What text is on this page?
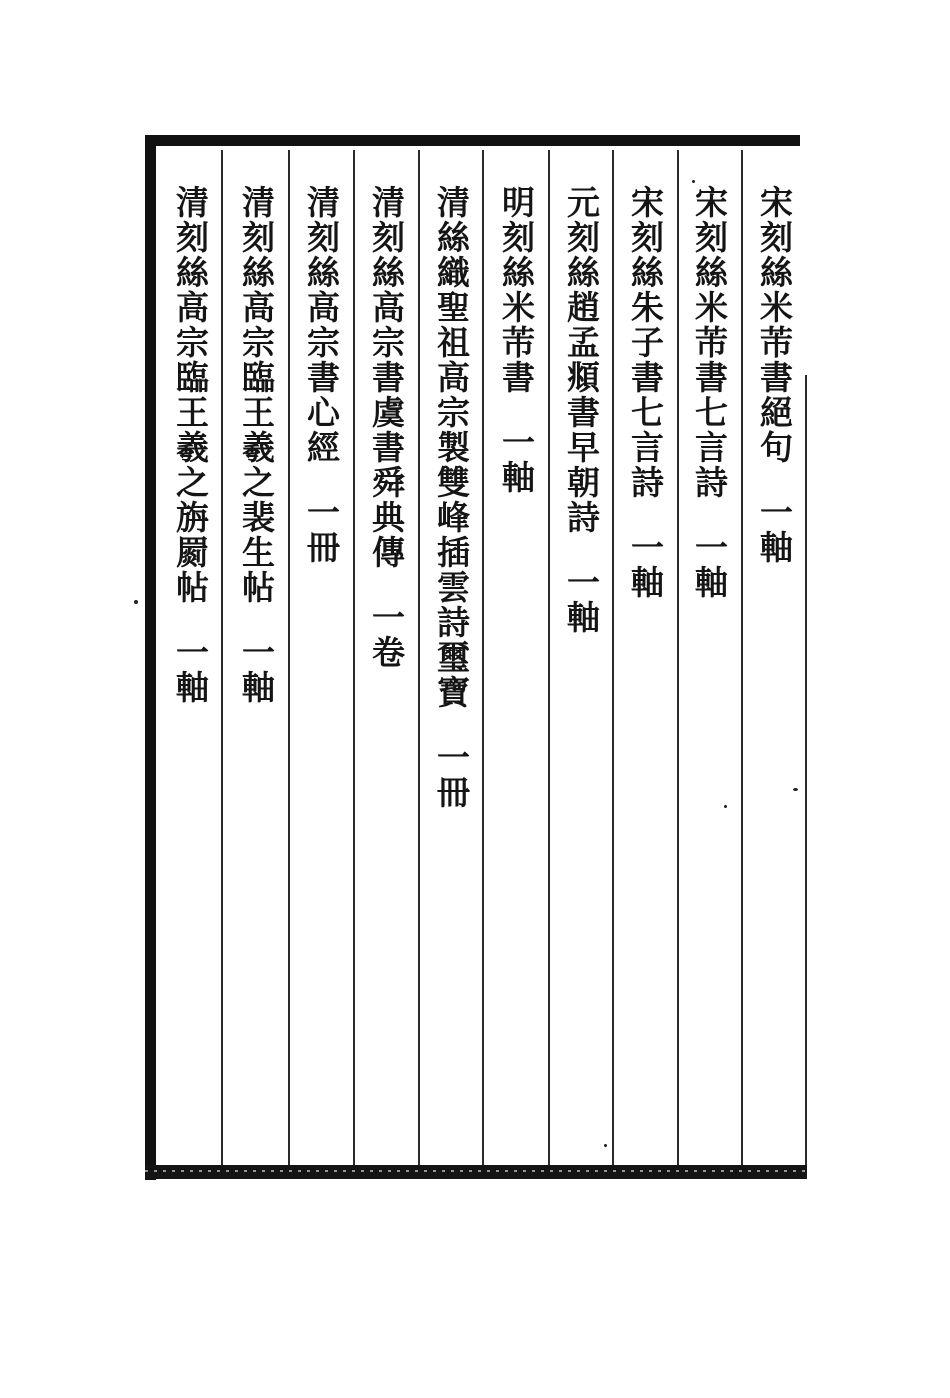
宋刻絲米芾書絕句一軸
宋刻絲米芾書七言詩一軸
宋刻絲朱子書七言詩一軸
元刻絲趙孟頫書早朝詩一軸
明刻絲米芾書一軸
清絲織聖祖高宗製雙峰插雲詩璽寶一冊
清刻絲高宗書虞書舜典傳一卷
清刻絲高宗書心經一冊
清刻絲高宗臨王羲之裴生帖一軸
清刻絲高宗臨王羲之旃罽帖一軸
